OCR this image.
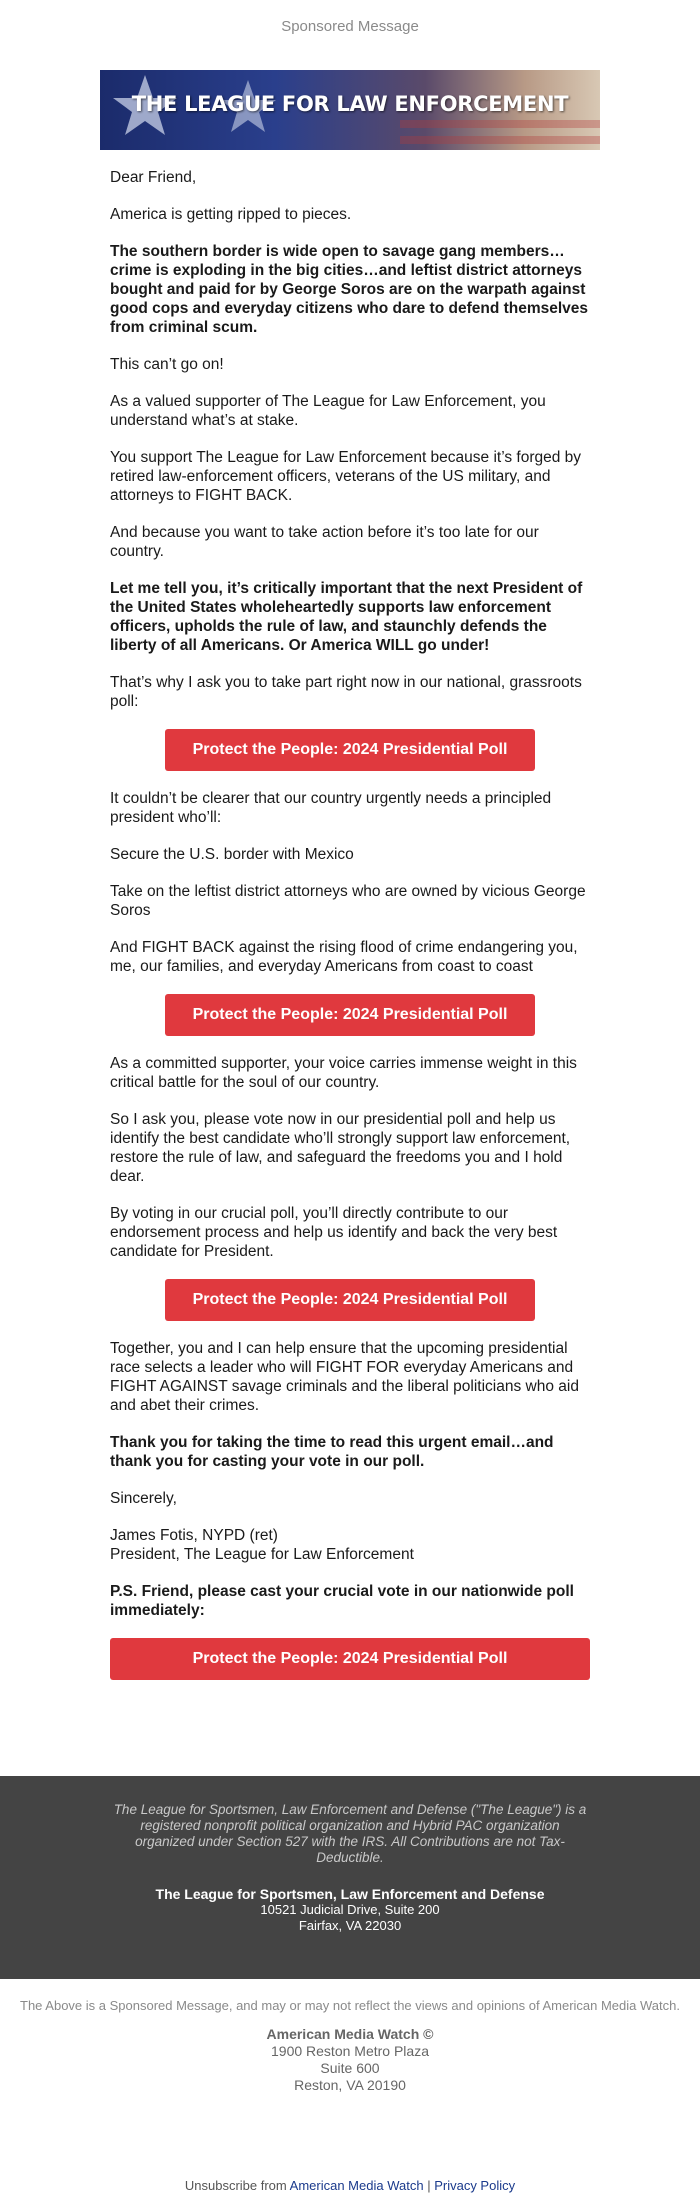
Sponsored Message
THE LEAGUE FOR LAW ENFORCEMENT

Dear Friend,

America is getting ripped to pieces.

The southern border is wide open to savage gang members…crime is exploding in the big cities…and leftist district attorneys bought and paid for by George Soros are on the warpath against good cops and everyday citizens who dare to defend themselves from criminal scum.

This can’t go on!

As a valued supporter of The League for Law Enforcement, you understand what’s at stake.

You support The League for Law Enforcement because it’s forged by retired law-enforcement officers, veterans of the US military, and attorneys to FIGHT BACK.

And because you want to take action before it’s too late for our country.

Let me tell you, it’s critically important that the next President of the United States wholeheartedly supports law enforcement officers, upholds the rule of law, and staunchly defends the liberty of all Americans. Or America WILL go under!

That’s why I ask you to take part right now in our national, grassroots poll:

Protect the People: 2024 Presidential Poll

It couldn’t be clearer that our country urgently needs a principled president who’ll:

Secure the U.S. border with Mexico

Take on the leftist district attorneys who are owned by vicious George Soros

And FIGHT BACK against the rising flood of crime endangering you, me, our families, and everyday Americans from coast to coast

Protect the People: 2024 Presidential Poll

As a committed supporter, your voice carries immense weight in this critical battle for the soul of our country.

So I ask you, please vote now in our presidential poll and help us identify the best candidate who’ll strongly support law enforcement, restore the rule of law, and safeguard the freedoms you and I hold dear.

By voting in our crucial poll, you’ll directly contribute to our endorsement process and help us identify and back the very best candidate for President.

Protect the People: 2024 Presidential Poll

Together, you and I can help ensure that the upcoming presidential race selects a leader who will FIGHT FOR everyday Americans and FIGHT AGAINST savage criminals and the liberal politicians who aid and abet their crimes.

Thank you for taking the time to read this urgent email…and thank you for casting your vote in our poll.

Sincerely,

James Fotis, NYPD (ret)
President, The League for Law Enforcement

P.S. Friend, please cast your crucial vote in our nationwide poll immediately:

Protect the People: 2024 Presidential Poll
The League for Sportsmen, Law Enforcement and Defense ("The League") is a registered nonprofit political organization and Hybrid PAC organization organized under Section 527 with the IRS. All Contributions are not Tax-Deductible.
The League for Sportsmen, Law Enforcement and Defense
10521 Judicial Drive, Suite 200
Fairfax, VA 22030
The Above is a Sponsored Message, and may or may not reflect the views and opinions of American Media Watch.
American Media Watch ©
1900 Reston Metro Plaza
Suite 600
Reston, VA 20190
Unsubscribe from American Media Watch | Privacy Policy
